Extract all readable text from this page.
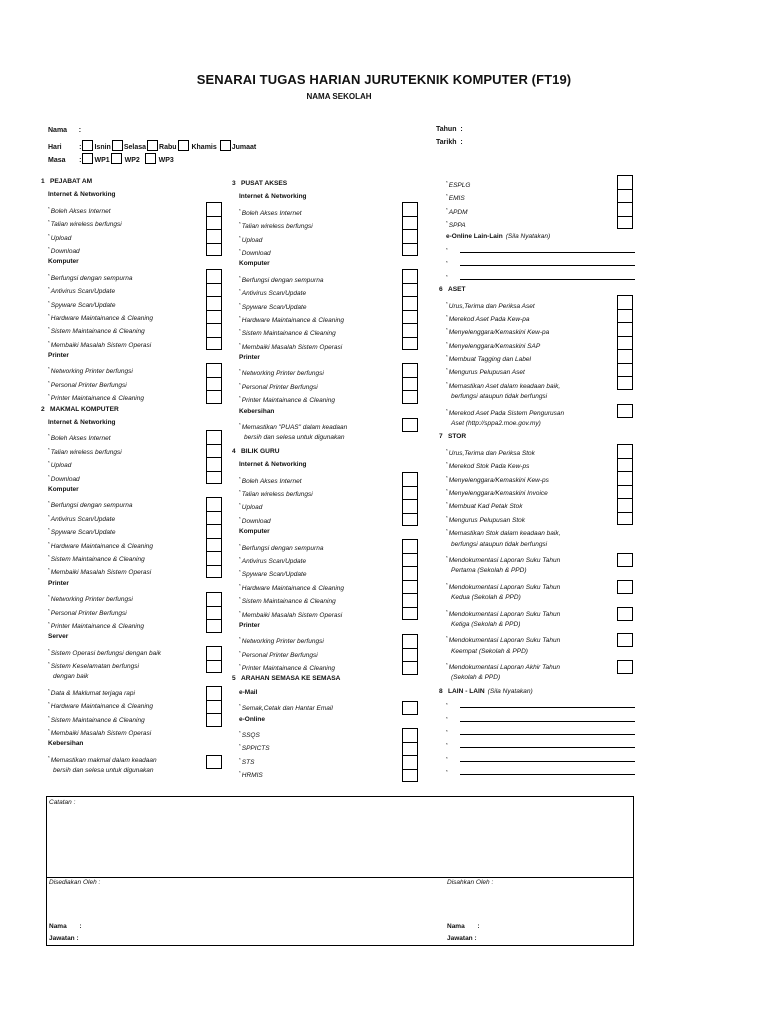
SENARAI TUGAS HARIAN JURUTEKNIK KOMPUTER (FT19)
NAMA SEKOLAH
Nama :
Hari	: Isnin Selasa Rabu Khamis Jumaat
Masa : WP1 WP2	WP3
Tahun :
Tarikh :
1 PEJABAT AM
Internet & Networking
*Boleh Akses Internet
*Talian wireless berfungsi
*Upload
*Download
Komputer
*Berfungsi dengan sempurna
*Antivirus Scan/Update
*Spyware Scan/Update
*Hardware Maintainance & Cleaning
*Sistem Maintainance & Cleaning
*Membaiki Masalah Sistem Operasi
Printer
*Networking Printer berfungsi
*Personal Printer Berfungsi
*Printer Maintainance & Cleaning
2 MAKMAL KOMPUTER
Internet & Networking
*Boleh Akses Internet
*Talian wireless berfungsi
*Upload
*Download
Komputer
*Berfungsi dengan sempurna
*Antivirus Scan/Update
*Spyware Scan/Update
*Hardware Maintainance & Cleaning
*Sistem Maintainance & Cleaning
*Membaiki Masalah Sistem Operasi
Printer
*Networking Printer berfungsi
*Personal Printer Berfungsi
*Printer Maintainance & Cleaning
Server
*Sistem Operasi berfungsi dengan baik
*Sistem Keselamatan berfungsi
dengan baik
*Data & Maklumat terjaga rapi
*Hardware Maintainance & Cleaning
*Sistem Maintainance & Cleaning
*Membaiki Masalah Sistem Operasi
Kebersihan
*Memastikan makmal dalam keadaan
bersih dan selesa untuk digunakan
3 PUSAT AKSES
Internet & Networking
*Boleh Akses Internet
*Talian wireless berfungsi
*Upload
*Download
Komputer
*Berfungsi dengan sempurna
*Antivirus Scan/Update
*Spyware Scan/Update
*Hardware Maintainance & Cleaning
*Sistem Maintainance & Cleaning
*Membaiki Masalah Sistem Operasi
Printer
*Networking Printer berfungsi
*Personal Printer Berfungsi
*Printer Maintainance & Cleaning
Kebersihan
*Memastikan "PUAS" dalam keadaan
bersih dan selesa untuk digunakan
4 BILIK GURU
Internet & Networking
*Boleh Akses Internet
*Talian wireless berfungsi
*Upload
*Download
Komputer
*Berfungsi dengan sempurna
*Antivirus Scan/Update
*Spyware Scan/Update
*Hardware Maintainance & Cleaning
*Sistem Maintainance & Cleaning
*Membaiki Masalah Sistem Operasi
Printer
*Networking Printer berfungsi
*Personal Printer Berfungsi
*Printer Maintainance & Cleaning
5 ARAHAN SEMASA KE SEMASA
e-Mail
*Semak,Cetak dan Hantar Email
e-Online
*SSQS
*SPPICTS
*STS
*HRMIS
*ESPLG
*EMIS
*APDM
*SPPA
e-Online Lain-Lain (Sila Nyatakan)
*
*
*
6 ASET
*Urus,Terima dan Periksa Aset
*Merekod Aset Pada Kew-pa
*Menyelenggara/Kemaskini Kew-pa
*Menyelenggara/Kemaskini SAP
*Membuat Tagging dan Label
*Mengurus Pelupusan Aset
*Memastikan Aset dalam keadaan baik,
berfungsi ataupun tidak berfungsi
*Merekod Aset Pada Sistem Pengurusan
Aset (http://sppa2.moe.gov.my)
7 STOR
*Urus,Terima dan Periksa Stok
*Merekod Stok Pada Kew-ps
*Menyelenggara/Kemaskini Kew-ps
*Menyelenggara/Kemaskini Invoice
*Membuat Kad Petak Stok
*Mengurus Pelupusan Stok
*Memastikan Stok dalam keadaan baik,
berfungsi ataupun tidak berfungsi
*Mendokumentasi Laporan Suku Tahun
Pertama (Sekolah & PPD)
*Mendokumentasi Laporan Suku Tahun
Kedua (Sekolah & PPD)
*Mendokumentasi Laporan Suku Tahun
Ketiga (Sekolah & PPD)
*Mendokumentasi Laporan Suku Tahun
Keempat (Sekolah & PPD)
*Mendokumentasi Laporan Akhir Tahun
(Sekolah & PPD)
8 LAIN - LAIN (Sila Nyatakan)
*
*
*
*
*
*
Catatan :
Disediakan Oleh :	Disahkan Oleh :
Nama :
Jawatan :
Nama :
Jawatan :
